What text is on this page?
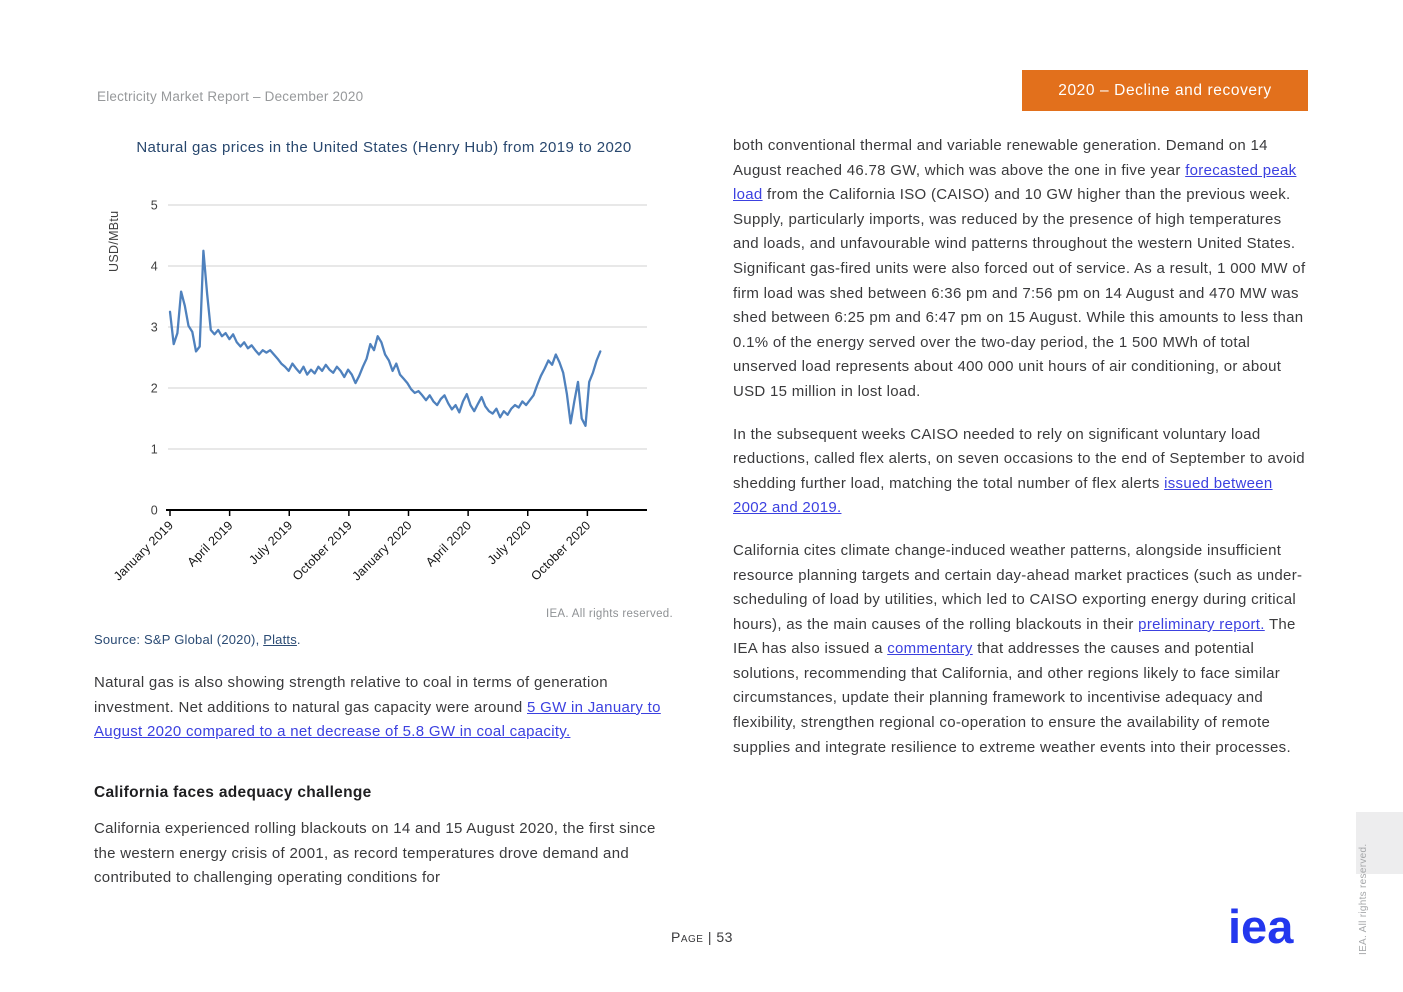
Electricity Market Report – December 2020	2020 – Decline and recovery
Natural gas prices in the United States (Henry Hub) from 2019 to 2020
0
1
2
3
4
5
USD/MBtu
January 2019 April 2019 July 2019
October 2019
January 2020 April 2020 July 2020
October 2020
IEA. All rights reserved.
Source: S&P Global (2020), Platts.
Natural gas is also showing strength relative to coal in terms of generation investment. Net additions to natural gas capacity were around 5 GW in January to August 2020 compared to a net decrease of 5.8 GW in coal capacity.
California faces adequacy challenge
California experienced rolling blackouts on 14 and 15 August 2020, the first since the western energy crisis of 2001, as record temperatures drove demand and contributed to challenging operating conditions for

both conventional thermal and variable renewable generation. Demand on 14 August reached 46.78 GW, which was above the one in five year forecasted peak load from the California ISO (CAISO) and 10 GW higher than the previous week. Supply, particularly imports, was reduced by the presence of high temperatures and loads, and unfavourable wind patterns throughout the western United States. Significant gas-fired units were also forced out of service. As a result, 1 000 MW of firm load was shed between 6:36 pm and 7:56 pm on 14 August and 470 MW was shed between 6:25 pm and 6:47 pm on 15 August. While this amounts to less than 0.1% of the energy served over the two-day period, the 1 500 MWh of total unserved load represents about 400 000 unit hours of air conditioning, or about USD 15 million in lost load.

In the subsequent weeks CAISO needed to rely on significant voluntary load reductions, called flex alerts, on seven occasions to the end of September to avoid shedding further load, matching the total number of flex alerts issued between 2002 and 2019.

California cites climate change-induced weather patterns, alongside insufficient resource planning targets and certain day-ahead market practices (such as under-scheduling of load by utilities, which led to CAISO exporting energy during critical hours), as the main causes of the rolling blackouts in their preliminary report. The IEA has also issued a commentary that addresses the causes and potential solutions, recommending that California, and other regions likely to face similar circumstances, update their planning framework to incentivise adequacy and flexibility, strengthen regional co-operation to ensure the availability of remote supplies and integrate resilience to extreme weather events into their processes.

Page | 53	iea	IEA. All rights reserved.
